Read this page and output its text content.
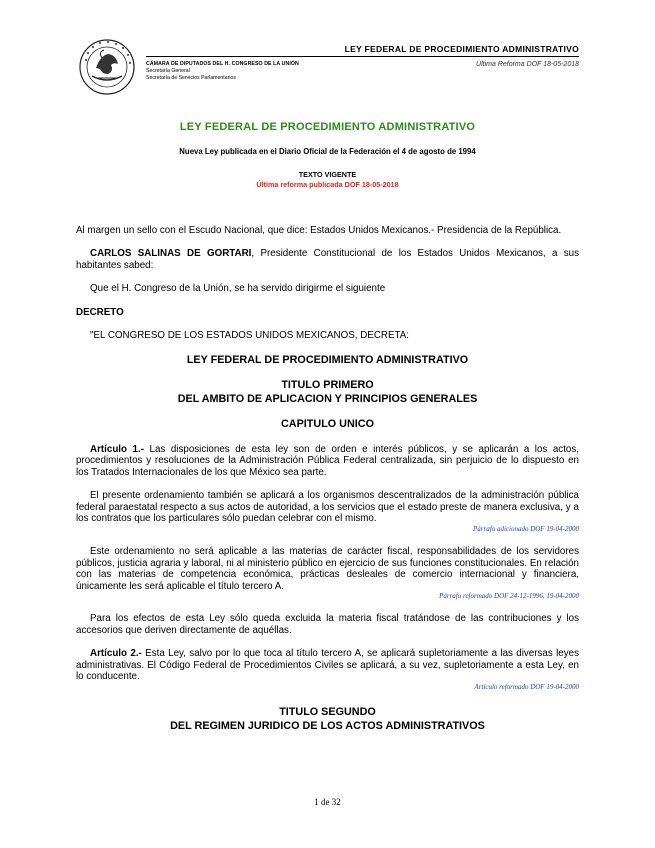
LEY FEDERAL DE PROCEDIMIENTO ADMINISTRATIVO
CÁMARA DE DIPUTADOS DEL H. CONGRESO DE LA UNIÓN
Secretaría General
Secretaría de Servicios Parlamentarios
Última Reforma DOF 18-05-2018
LEY FEDERAL DE PROCEDIMIENTO ADMINISTRATIVO
Nueva Ley publicada en el Diario Oficial de la Federación el 4 de agosto de 1994
TEXTO VIGENTE
Última reforma publicada DOF 18-05-2018

Al margen un sello con el Escudo Nacional, que dice: Estados Unidos Mexicanos.- Presidencia de la República.

CARLOS SALINAS DE GORTARI, Presidente Constitucional de los Estados Unidos Mexicanos, a sus habitantes sabed:

Que el H. Congreso de la Unión, se ha servido dirigirme el siguiente

DECRETO

"EL CONGRESO DE LOS ESTADOS UNIDOS MEXICANOS, DECRETA:

LEY FEDERAL DE PROCEDIMIENTO ADMINISTRATIVO
TITULO PRIMERO
DEL AMBITO DE APLICACION Y PRINCIPIOS GENERALES
CAPITULO UNICO

Artículo 1.- Las disposiciones de esta ley son de orden e interés públicos, y se aplicarán a los actos, procedimientos y resoluciones de la Administración Pública Federal centralizada, sin perjuicio de lo dispuesto en los Tratados Internacionales de los que México sea parte.

El presente ordenamiento también se aplicará a los organismos descentralizados de la administración pública federal paraestatal respecto a sus actos de autoridad, a los servicios que el estado preste de manera exclusiva, y a los contratos que los particulares sólo puedan celebrar con el mismo.

Párrafo adicionado DOF 19-04-2000

Este ordenamiento no será aplicable a las materias de carácter fiscal, responsabilidades de los servidores públicos, justicia agraria y laboral, ni al ministerio público en ejercicio de sus funciones constitucionales. En relación con las materias de competencia económica, prácticas desleales de comercio internacional y financiera, únicamente les será aplicable el título tercero A.

Párrafo reformado DOF 24-12-1996, 19-04-2000

Para los efectos de esta Ley sólo queda excluida la materia fiscal tratándose de las contribuciones y los accesorios que deriven directamente de aquéllas.

Artículo 2.- Esta Ley, salvo por lo que toca al título tercero A, se aplicará supletoriamente a las diversas leyes administrativas. El Código Federal de Procedimientos Civiles se aplicará, a su vez, supletoriamente a esta Ley, en lo conducente.

Artículo reformado DOF 19-04-2000
TITULO SEGUNDO
DEL REGIMEN JURIDICO DE LOS ACTOS ADMINISTRATIVOS
1 de 32
